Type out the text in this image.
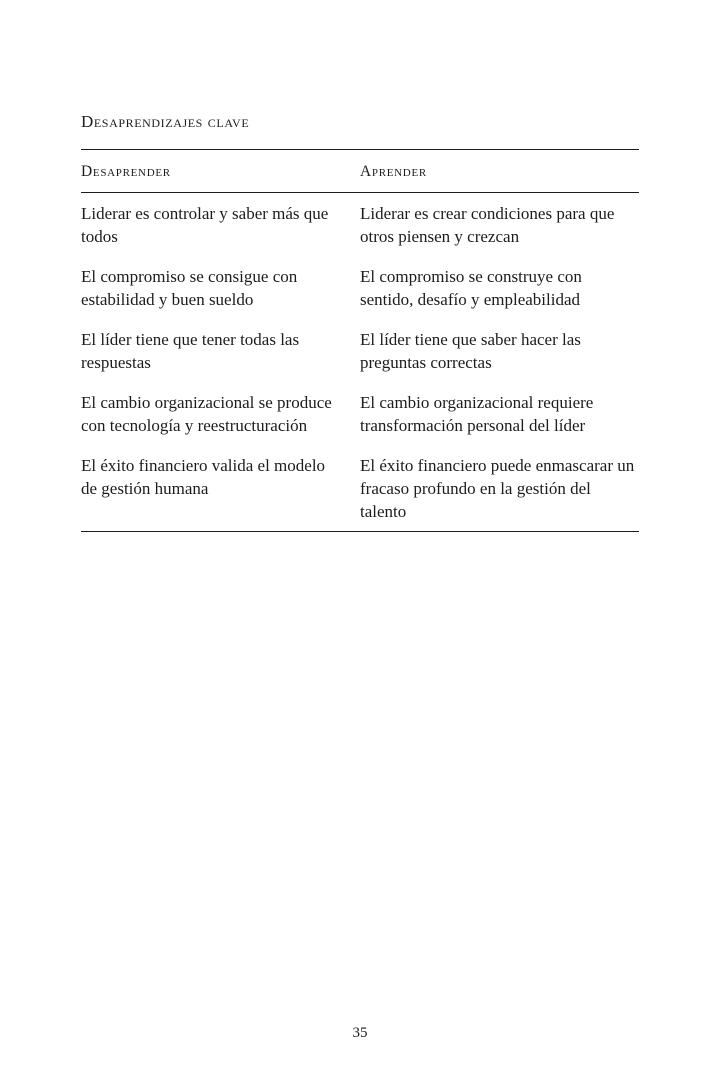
Desaprendizajes clave
Desaprender	Aprender
Liderar es controlar y saber más que todos
Liderar es crear condiciones para que otros piensen y crezcan
El compromiso se consigue con estabilidad y buen sueldo
El compromiso se construye con sentido, desafío y empleabilidad
El líder tiene que tener todas las respuestas
El líder tiene que saber hacer las preguntas correctas
El cambio organizacional se produce con tecnología y reestructuración
El cambio organizacional requiere transformación personal del líder
El éxito financiero valida el modelo de gestión humana
El éxito financiero puede enmascarar un fracaso profundo en la gestión del talento
35
